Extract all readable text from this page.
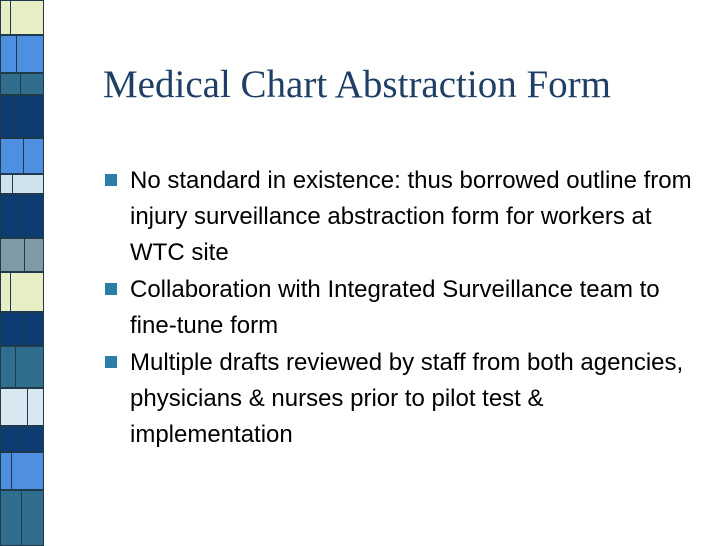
Medical Chart Abstraction Form
No standard in existence: thus borrowed outline from injury surveillance abstraction form for workers at WTC site
Collaboration with Integrated Surveillance team to fine-tune form
Multiple drafts reviewed by staff from both agencies, physicians & nurses prior to pilot test & implementation
